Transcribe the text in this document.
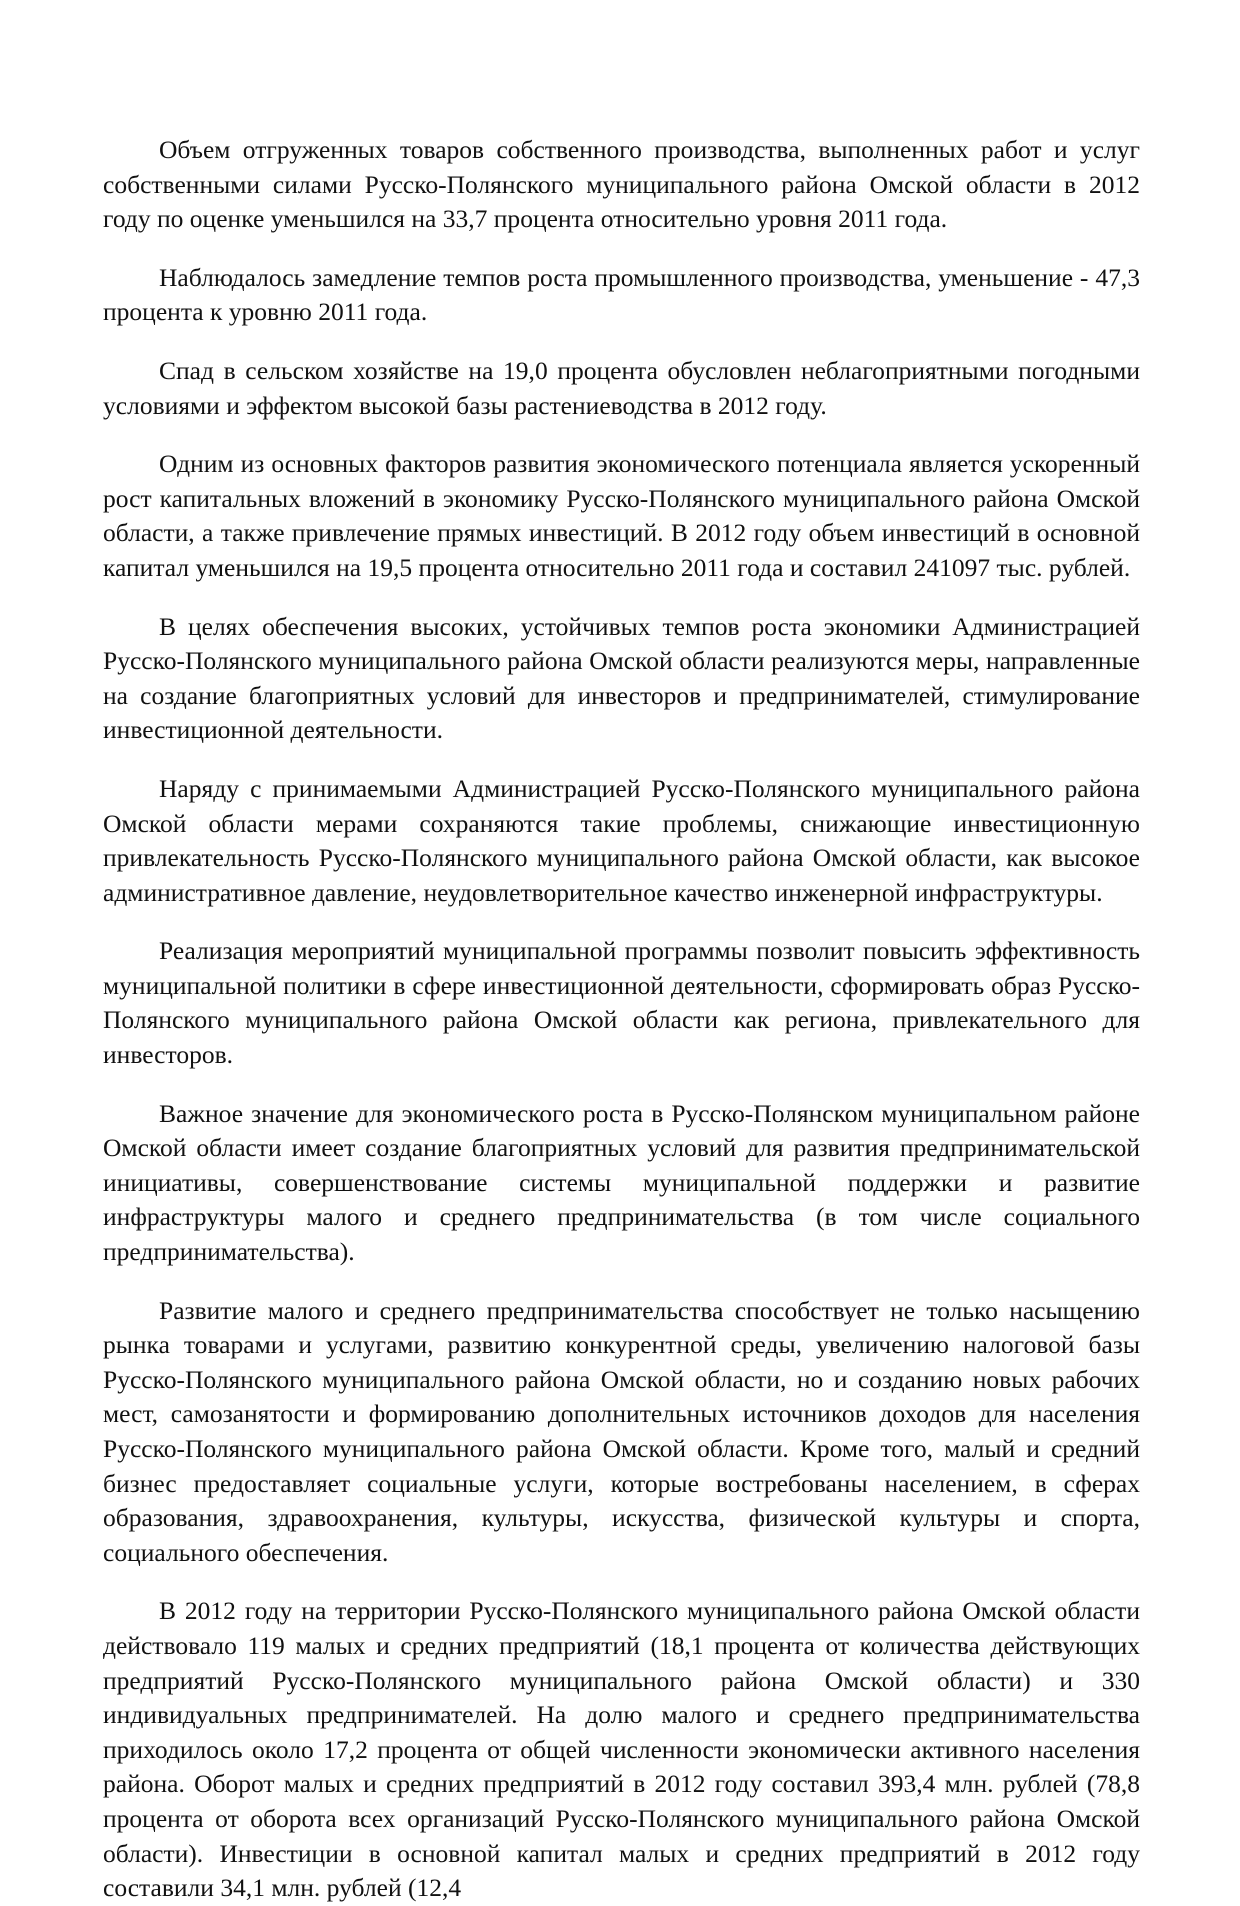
Объем отгруженных товаров собственного производства, выполненных работ и услуг собственными силами Русско-Полянского муниципального района Омской области в 2012 году по оценке уменьшился на 33,7 процента относительно уровня 2011 года.

Наблюдалось замедление темпов роста промышленного производства, уменьшение - 47,3 процента к уровню 2011 года.

Спад в сельском хозяйстве на 19,0 процента обусловлен неблагоприятными погодными условиями и эффектом высокой базы растениеводства в 2012 году.

Одним из основных факторов развития экономического потенциала является ускоренный рост капитальных вложений в экономику Русско-Полянского муниципального района Омской области, а также привлечение прямых инвестиций. В 2012 году объем инвестиций в основной капитал уменьшился на 19,5 процента относительно 2011 года и составил 241097 тыс. рублей.

В целях обеспечения высоких, устойчивых темпов роста экономики Администрацией Русско-Полянского муниципального района Омской области реализуются меры, направленные на создание благоприятных условий для инвесторов и предпринимателей, стимулирование инвестиционной деятельности.

Наряду с принимаемыми Администрацией Русско-Полянского муниципального района Омской области мерами сохраняются такие проблемы, снижающие инвестиционную привлекательность Русско-Полянского муниципального района Омской области, как высокое административное давление, неудовлетворительное качество инженерной инфраструктуры.

Реализация мероприятий муниципальной программы позволит повысить эффективность муниципальной политики в сфере инвестиционной деятельности, сформировать образ Русско-Полянского муниципального района Омской области как региона, привлекательного для инвесторов.

Важное значение для экономического роста в Русско-Полянском муниципальном районе Омской области имеет создание благоприятных условий для развития предпринимательской инициативы, совершенствование системы муниципальной поддержки и развитие инфраструктуры малого и среднего предпринимательства (в том числе социального предпринимательства).

Развитие малого и среднего предпринимательства способствует не только насыщению рынка товарами и услугами, развитию конкурентной среды, увеличению налоговой базы Русско-Полянского муниципального района Омской области, но и созданию новых рабочих мест, самозанятости и формированию дополнительных источников доходов для населения Русско-Полянского муниципального района Омской области. Кроме того, малый и средний бизнес предоставляет социальные услуги, которые востребованы населением, в сферах образования, здравоохранения, культуры, искусства, физической культуры и спорта, социального обеспечения.

В 2012 году на территории Русско-Полянского муниципального района Омской области действовало 119 малых и средних предприятий (18,1 процента от количества действующих предприятий Русско-Полянского муниципального района Омской области) и 330 индивидуальных предпринимателей. На долю малого и среднего предпринимательства приходилось около 17,2 процента от общей численности экономически активного населения района. Оборот малых и средних предприятий в 2012 году составил 393,4 млн. рублей (78,8 процента от оборота всех организаций Русско-Полянского муниципального района Омской области). Инвестиции в основной капитал малых и средних предприятий в 2012 году составили 34,1 млн. рублей (12,4
